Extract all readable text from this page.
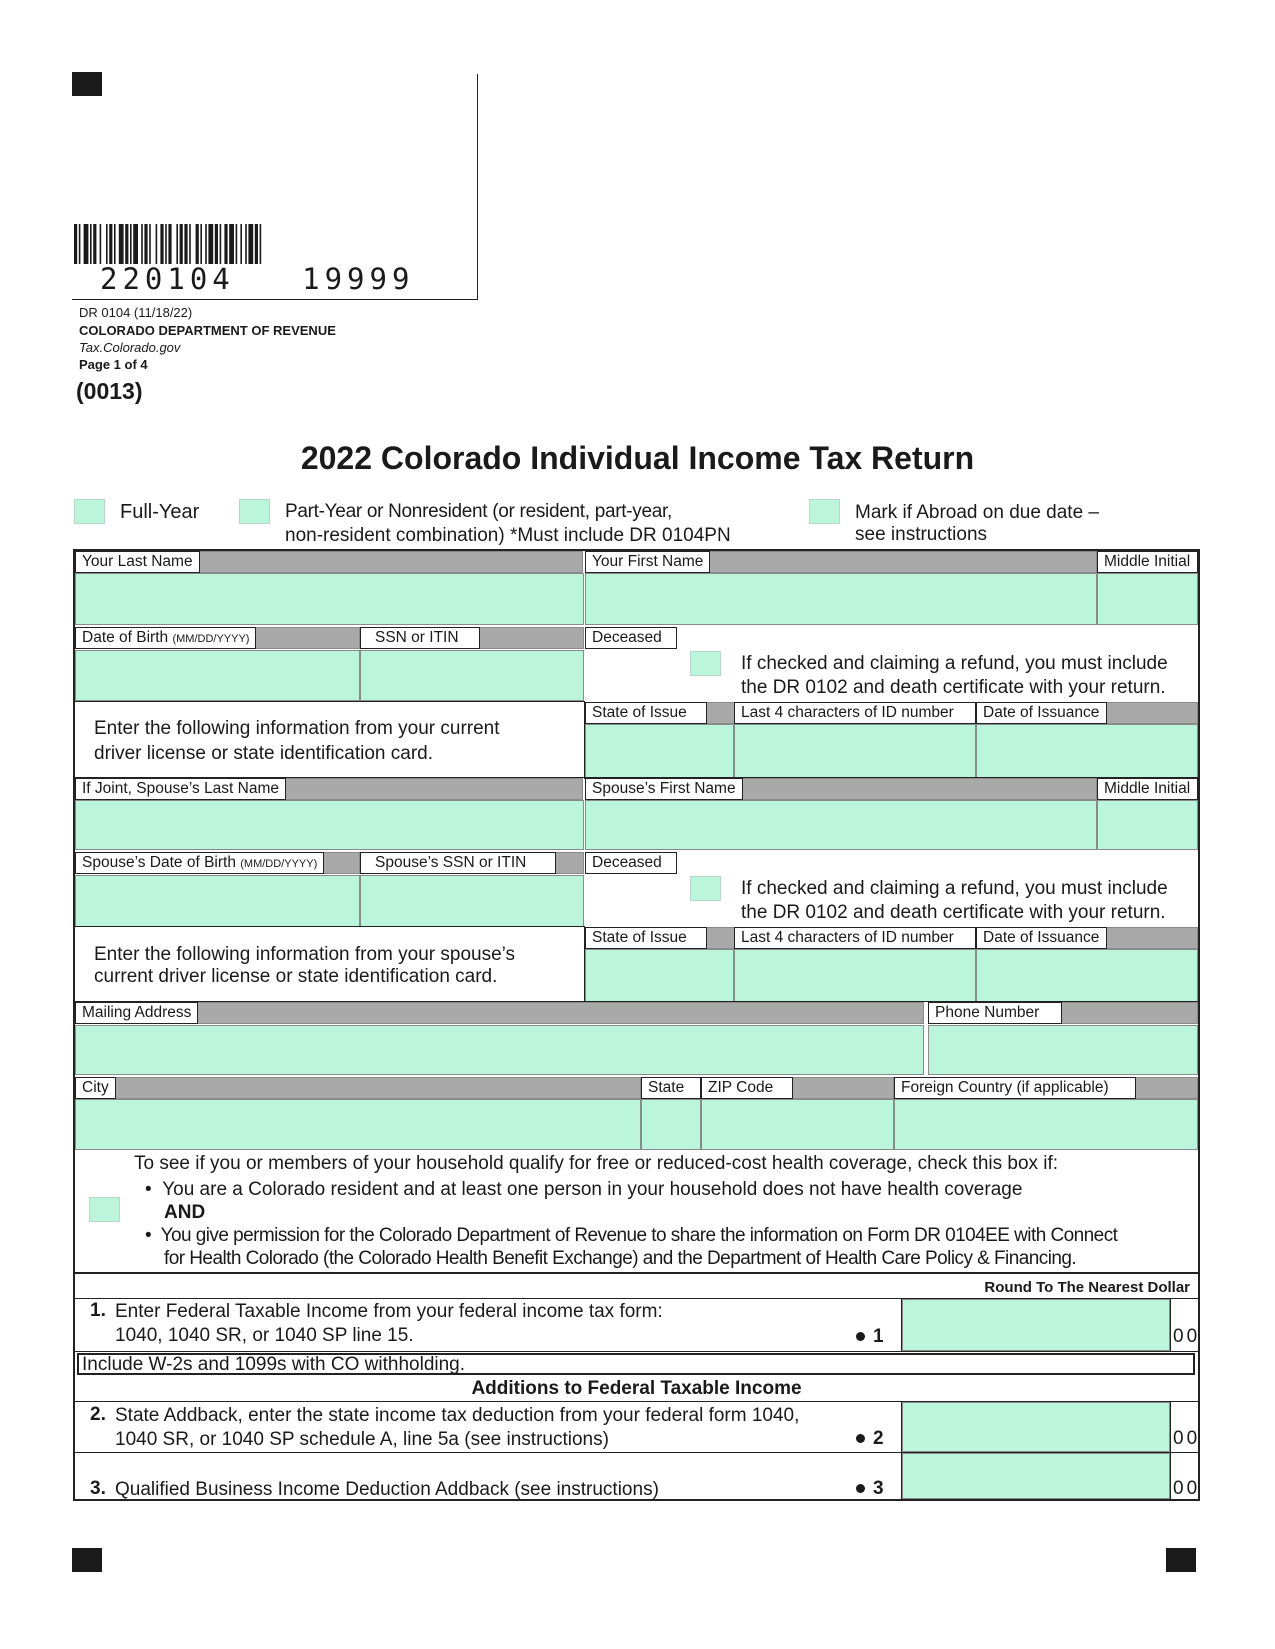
220104   19999
DR 0104 (11/18/22)
COLORADO DEPARTMENT OF REVENUE
Tax.Colorado.gov
Page 1 of 4
(0013)
2022 Colorado Individual Income Tax Return
Full-Year	Part-Year or Nonresident (or resident, part-year,
non-resident combination) *Must include DR 0104PN
Mark if Abroad on due date –
see instructions
Your Last Name	Your First Name	Middle Initial
Date of Birth (MM/DD/YYYY)	SSN or ITIN	Deceased
If checked and claiming a refund, you must include
the DR 0102 and death certificate with your return.
Enter the following information from your current
driver license or state identification card.
State of Issue	Last 4 characters of ID number	Date of Issuance
If Joint, Spouse’s Last Name	Spouse’s First Name	Middle Initial
Spouse’s Date of Birth (MM/DD/YYYY)	Spouse’s SSN or ITIN	Deceased
If checked and claiming a refund, you must include
the DR 0102 and death certificate with your return.
Enter the following information from your spouse’s
current driver license or state identification card.
State of Issue	Last 4 characters of ID number	Date of Issuance
Mailing Address	Phone Number
City	State	ZIP Code	Foreign Country (if applicable)
To see if you or members of your household qualify for free or reduced-cost health coverage, check this box if:
•  You are a Colorado resident and at least one person in your household does not have health coverage
AND
•  You give permission for the Colorado Department of Revenue to share the information on Form DR 0104EE with Connect
for Health Colorado (the Colorado Health Benefit Exchange) and the Department of Health Care Policy & Financing.
Round To The Nearest Dollar
1. Enter Federal Taxable Income from your federal income tax form:
1040, 1040 SR, or 1040 SP line 15.	1	00
Include W-2s and 1099s with CO withholding.
Additions to Federal Taxable Income
2. State Addback, enter the state income tax deduction from your federal form 1040,
1040 SR, or 1040 SP schedule A, line 5a (see instructions)	2	00
3. Qualified Business Income Deduction Addback (see instructions)	3	00
